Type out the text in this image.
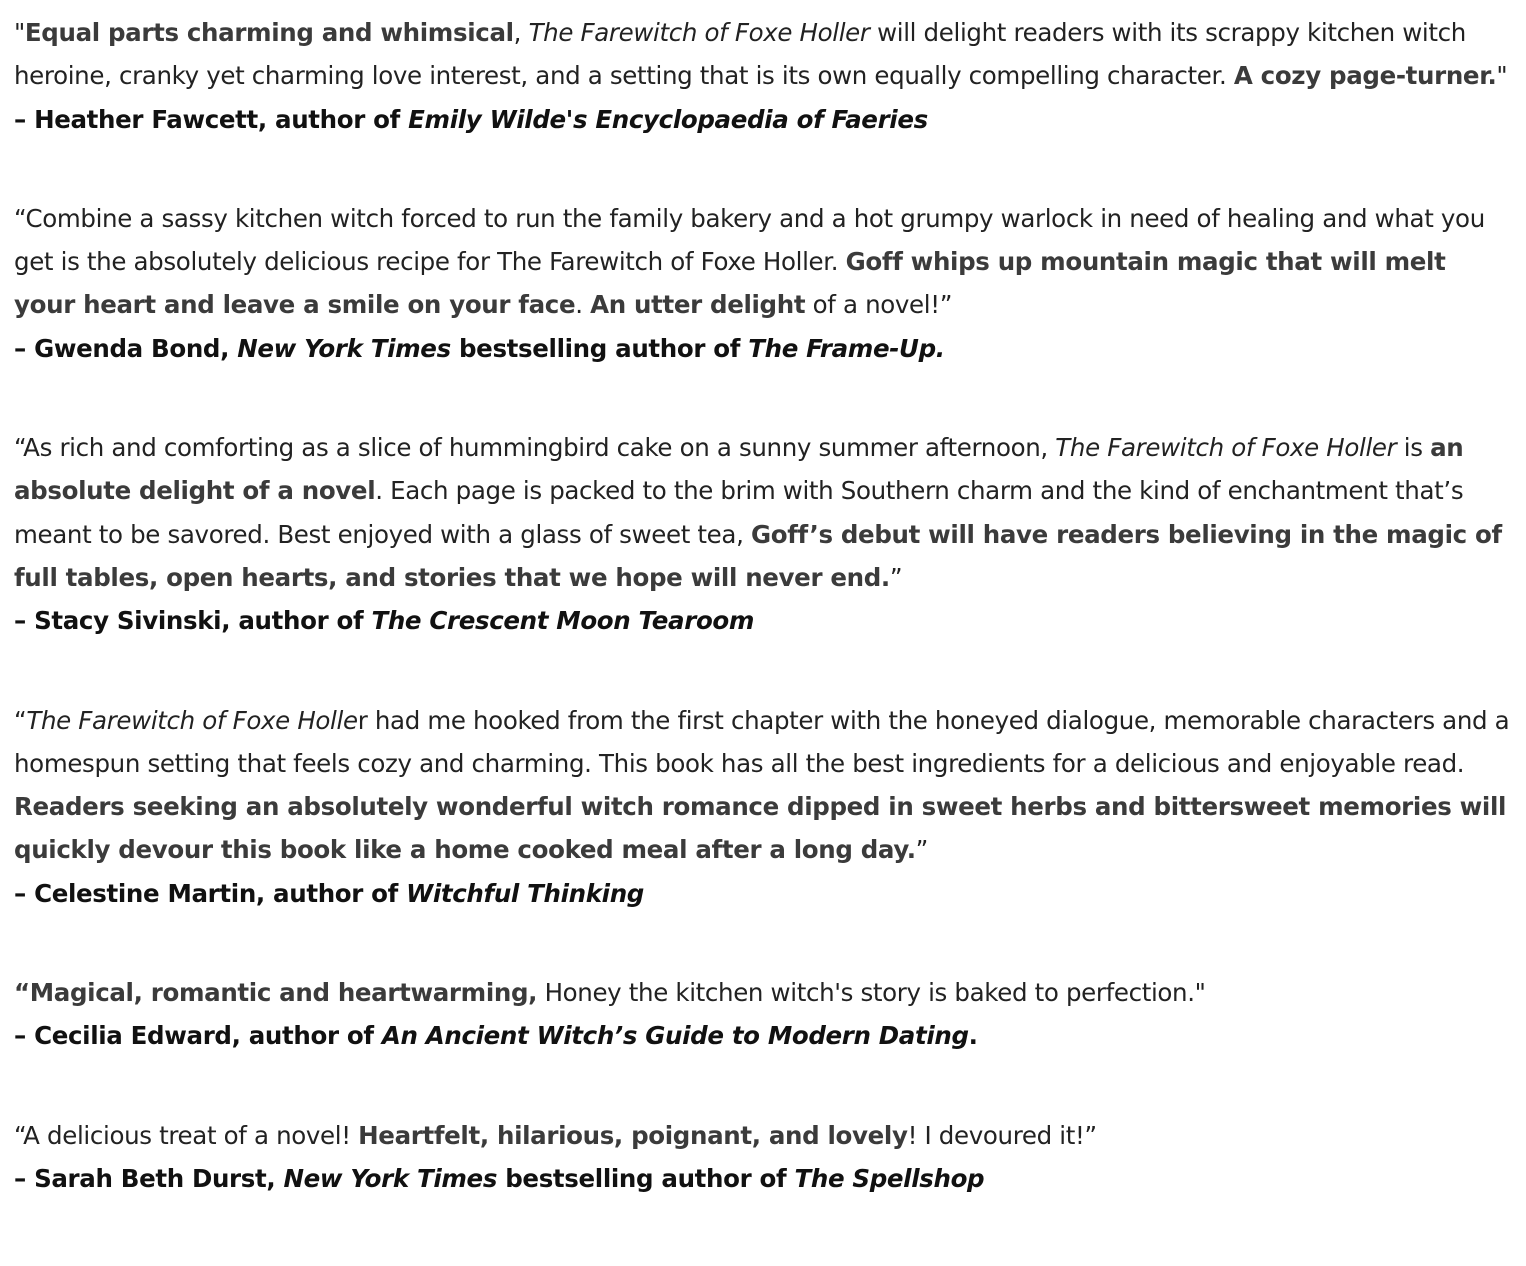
"Equal parts charming and whimsical, The Farewitch of Foxe Holler will delight readers with its scrappy kitchen witch heroine, cranky yet charming love interest, and a setting that is its own equally compelling character. A cozy page-turner."

– Heather Fawcett, author of Emily Wilde's Encyclopaedia of Faeries

“Combine a sassy kitchen witch forced to run the family bakery and a hot grumpy warlock in need of healing and what you get is the absolutely delicious recipe for The Farewitch of Foxe Holler. Goff whips up mountain magic that will melt your heart and leave a smile on your face. An utter delight of a novel!”

– Gwenda Bond, New York Times bestselling author of The Frame-Up.

“As rich and comforting as a slice of hummingbird cake on a sunny summer afternoon, The Farewitch of Foxe Holler is an absolute delight of a novel. Each page is packed to the brim with Southern charm and the kind of enchantment that’s meant to be savored. Best enjoyed with a glass of sweet tea, Goff’s debut will have readers believing in the magic of full tables, open hearts, and stories that we hope will never end.”

– Stacy Sivinski, author of The Crescent Moon Tearoom

“The Farewitch of Foxe Holler had me hooked from the first chapter with the honeyed dialogue, memorable characters and a homespun setting that feels cozy and charming. This book has all the best ingredients for a delicious and enjoyable read. Readers seeking an absolutely wonderful witch romance dipped in sweet herbs and bittersweet memories will quickly devour this book like a home cooked meal after a long day.”

– Celestine Martin, author of Witchful Thinking

“Magical, romantic and heartwarming, Honey the kitchen witch's story is baked to perfection."

– Cecilia Edward, author of An Ancient Witch’s Guide to Modern Dating.

“A delicious treat of a novel! Heartfelt, hilarious, poignant, and lovely! I devoured it!”

– Sarah Beth Durst, New York Times bestselling author of The Spellshop
